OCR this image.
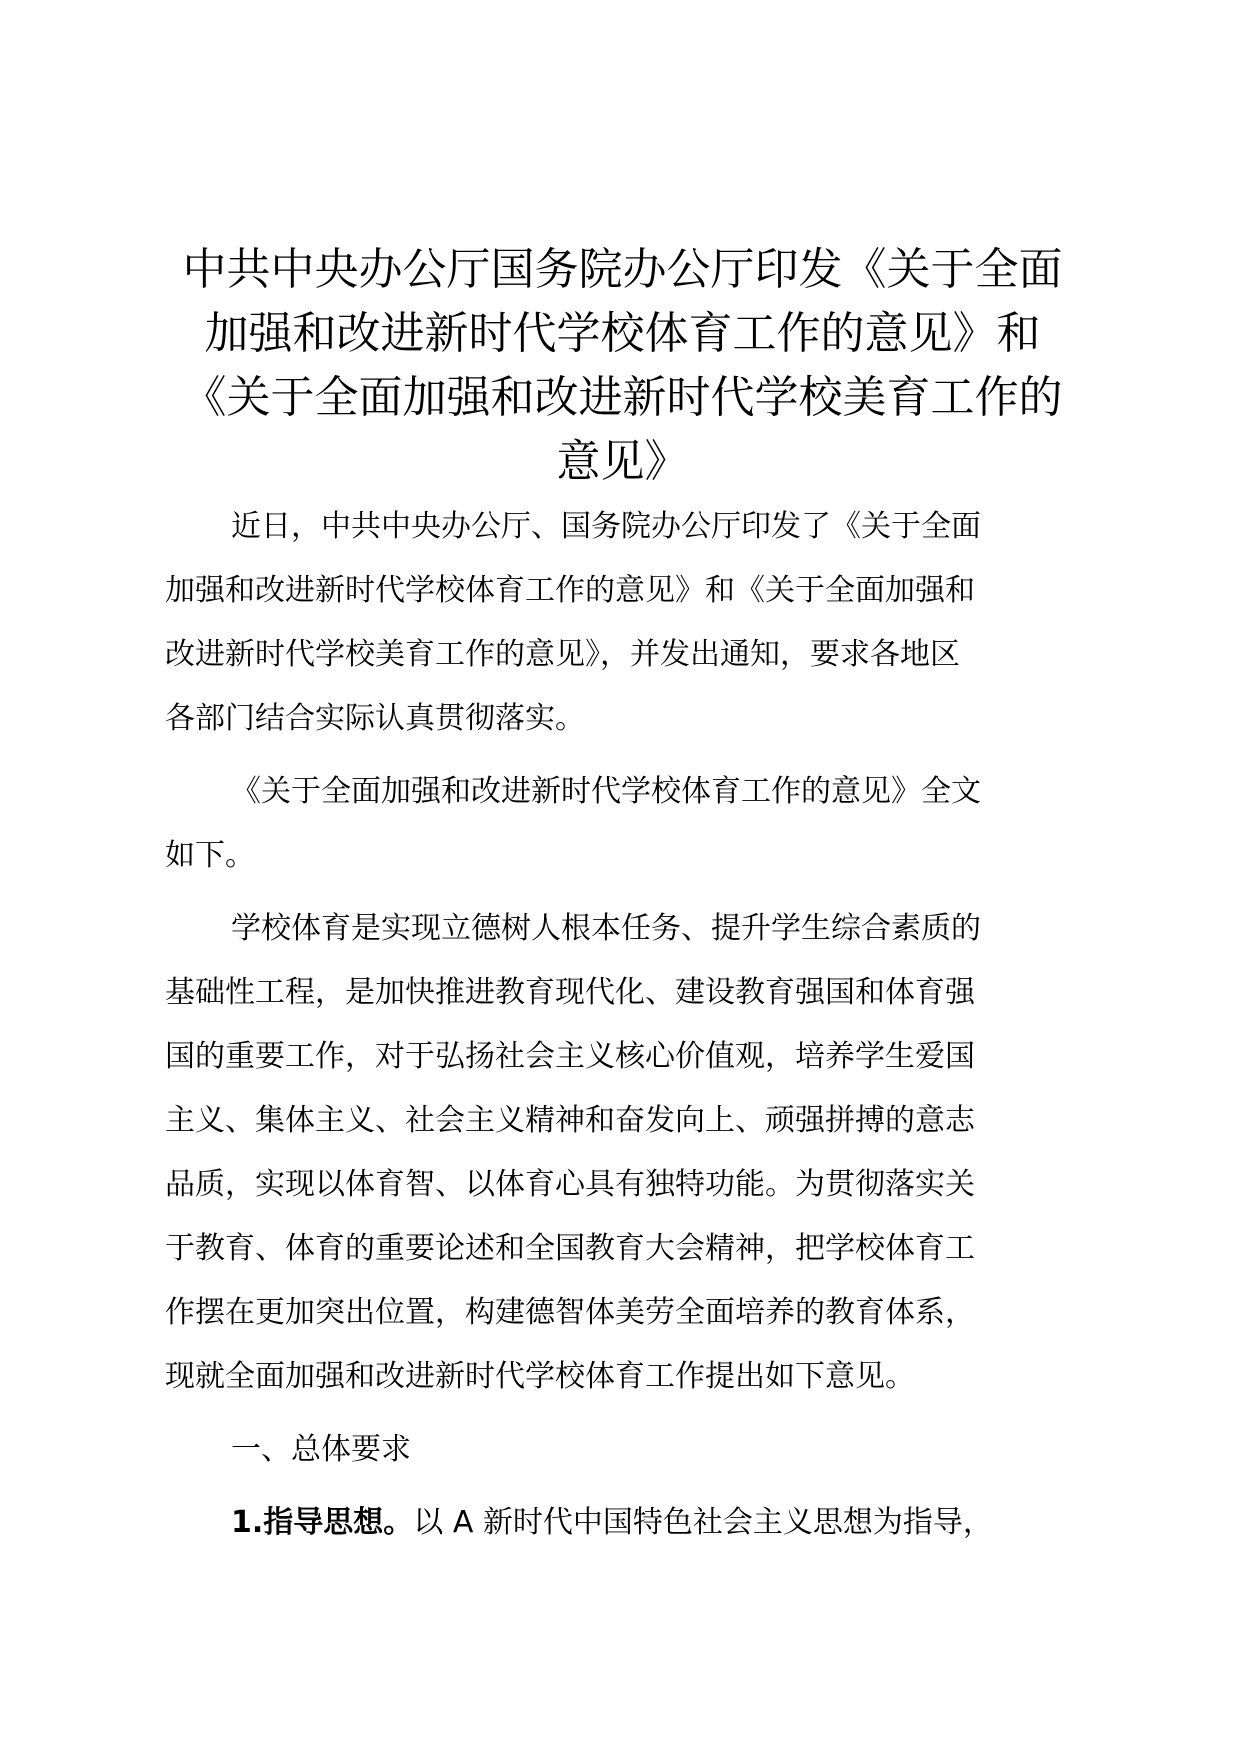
中共中央办公厅国务院办公厅印发《关于全面
加强和改进新时代学校体育工作的意见》和
《关于全面加强和改进新时代学校美育工作的
意见》

近日，中共中央办公厅、国务院办公厅印发了《关于全面
加强和改进新时代学校体育工作的意见》和《关于全面加强和
改进新时代学校美育工作的意见》，并发出通知，要求各地区
各部门结合实际认真贯彻落实。

《关于全面加强和改进新时代学校体育工作的意见》全文
如下。

学校体育是实现立德树人根本任务、提升学生综合素质的
基础性工程，是加快推进教育现代化、建设教育强国和体育强
国的重要工作，对于弘扬社会主义核心价值观，培养学生爱国
主义、集体主义、社会主义精神和奋发向上、顽强拼搏的意志
品质，实现以体育智、以体育心具有独特功能。为贯彻落实关
于教育、体育的重要论述和全国教育大会精神，把学校体育工
作摆在更加突出位置，构建德智体美劳全面培养的教育体系，
现就全面加强和改进新时代学校体育工作提出如下意见。

一、总体要求

1.指导思想。以 A 新时代中国特色社会主义思想为指导，
